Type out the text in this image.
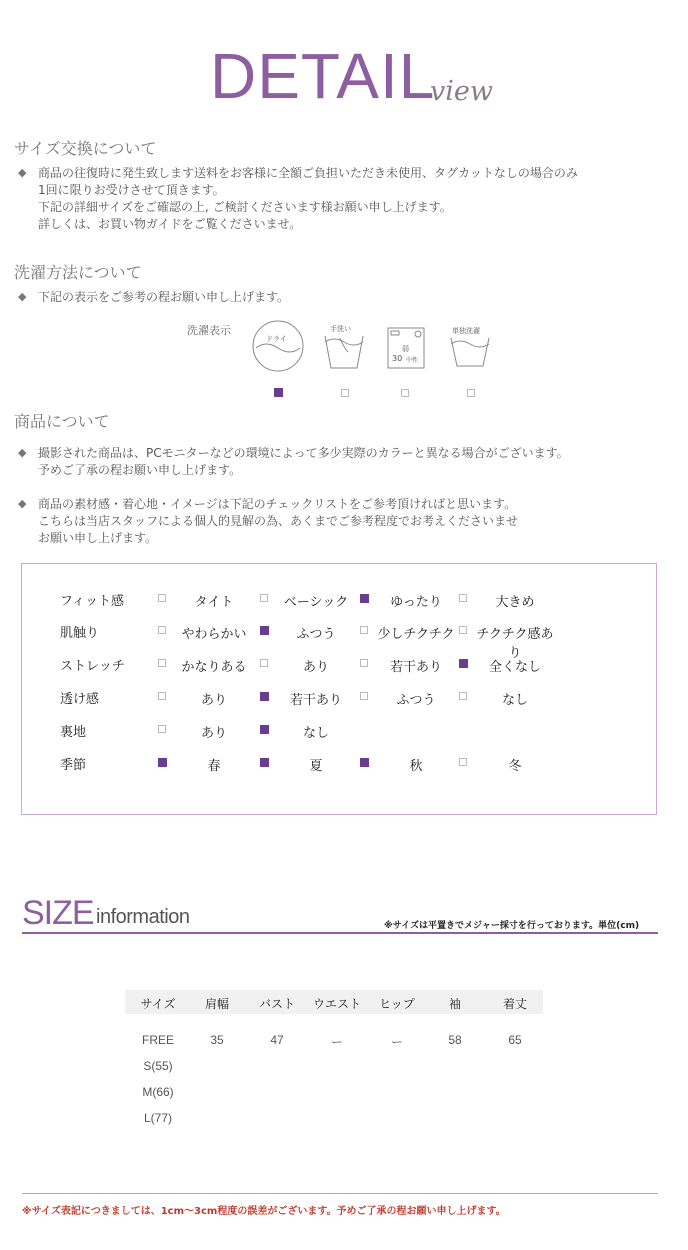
DETAIL
view
サイズ交換について
◆ 商品の往復時に発生致します送料をお客様に全額ご負担いただき未使用、タグカットなしの場合のみ
1回に限りお受けさせて頂きます。
下記の詳細サイズをご確認の上, ご検討くださいます様お願い申し上げます。
詳しくは、お買い物ガイドをご覧くださいませ。
洗濯方法について
◆ 下記の表示をご参考の程お願い申し上げます。
洗濯表示
ドライ
手洗い
弱
30 中性
単独洗濯
商品について
◆ 撮影された商品は、PCモニターなどの環境によって多少実際のカラーと異なる場合がございます。
予めご了承の程お願い申し上げます。
◆ 商品の素材感・着心地・イメージは下記のチェックリストをご参考頂ければと思います。
こちらは当店スタッフによる個人的見解の為、あくまでご参考程度でお考えくださいませ
お願い申し上げます。
フィット感	タイト	ベーシック	ゆったり	大きめ
肌触り	やわらかい	ふつう	少しチクチク	チクチク感あり
ストレッチ	かなりある	あり	若干あり	全くなし
透け感	あり	若干あり	ふつう	なし
裏地	あり	なし
季節	春	夏	秋	冬
SIZE information	※サイズは平置きでメジャー採寸を行っております。単位(cm)
サイズ	肩幅	バスト	ウエスト	ヒップ	袖	着丈
FREE	35	47	ー	ー	58	65
S(55)
M(66)
L(77)
※サイズ表記につきましては、1cm～3cm程度の誤差がございます。予めご了承の程お願い申し上げます。
